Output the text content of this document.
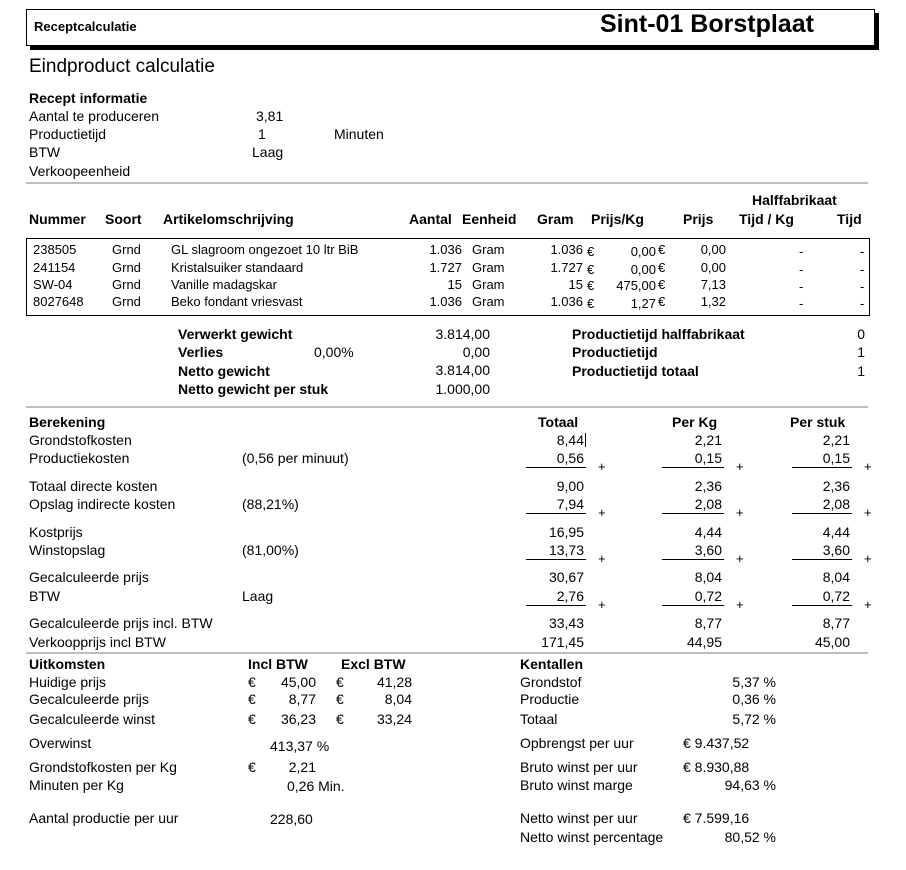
Receptcalculatie	Sint-01 Borstplaat
Eindproduct calculatie
Recept informatie
Aantal te produceren	3,81
Productietijd	1	Minuten
BTW	Laag
Verkoopeenheid
Halffabrikaat
Nummer Soort Artikelomschrijving	Aantal Eenheid Gram Prijs/Kg	Prijs Tijd / Kg	Tijd
238505	Grnd GL slagroom ongezoet 10 ltr BiB	1.036 Gram	1.036 €	0,00 €	0,00	-	-
241154	Grnd Kristalsuiker standaard	1.727 Gram	1.727 €	0,00 €	0,00	-	-
SW-04	Grnd Vanille madagskar	15 Gram	15 €	475,00 €	7,13	-	-
8027648 Grnd Beko fondant vriesvast	1.036 Gram	1.036 €	1,27 €	1,32	-	-
Verwerkt gewicht	3.814,00
Verlies	0,00%	0,00
Netto gewicht	3.814,00
Netto gewicht per stuk	1.000,00
Productietijd halffabrikaat	0
Productietijd	1
Productietijd totaal	1
Berekening	Totaal	Per Kg	Per stuk
Grondstofkosten	8,44	2,21	2,21
Productiekosten	(0,56 per minuut)	0,56	0,15	0,15
+	+	+
Totaal directe kosten	9,00	2,36	2,36
Opslag indirecte kosten	(88,21%)	7,94	2,08	2,08
+	+	+
Kostprijs	16,95	4,44	4,44
Winstopslag	(81,00%)	13,73	3,60	3,60
+	+	+
Gecalculeerde prijs	30,67	8,04	8,04
BTW	Laag	2,76	0,72	0,72
+	+	+
Gecalculeerde prijs incl. BTW	33,43	8,77	8,77
Verkoopprijs incl BTW	171,45	44,95	45,00
Uitkomsten	Incl BTW Excl BTW
Huidige prijs	€	45,00 €	41,28
Gecalculeerde prijs	€	8,77 €	8,04
Gecalculeerde winst	€	36,23 €	33,24
Overwinst	413,37 %
Grondstofkosten per Kg	€	2,21
Minuten per Kg	0,26 Min.
Aantal productie per uur	228,60
Kentallen
Grondstof	5,37 %
Productie	0,36 %
Totaal	5,72 %
Opbrengst per uur	€ 9.437,52
Bruto winst per uur	€ 8.930,88
Bruto winst marge	94,63 %
Netto winst per uur	€ 7.599,16
Netto winst percentage	80,52 %
